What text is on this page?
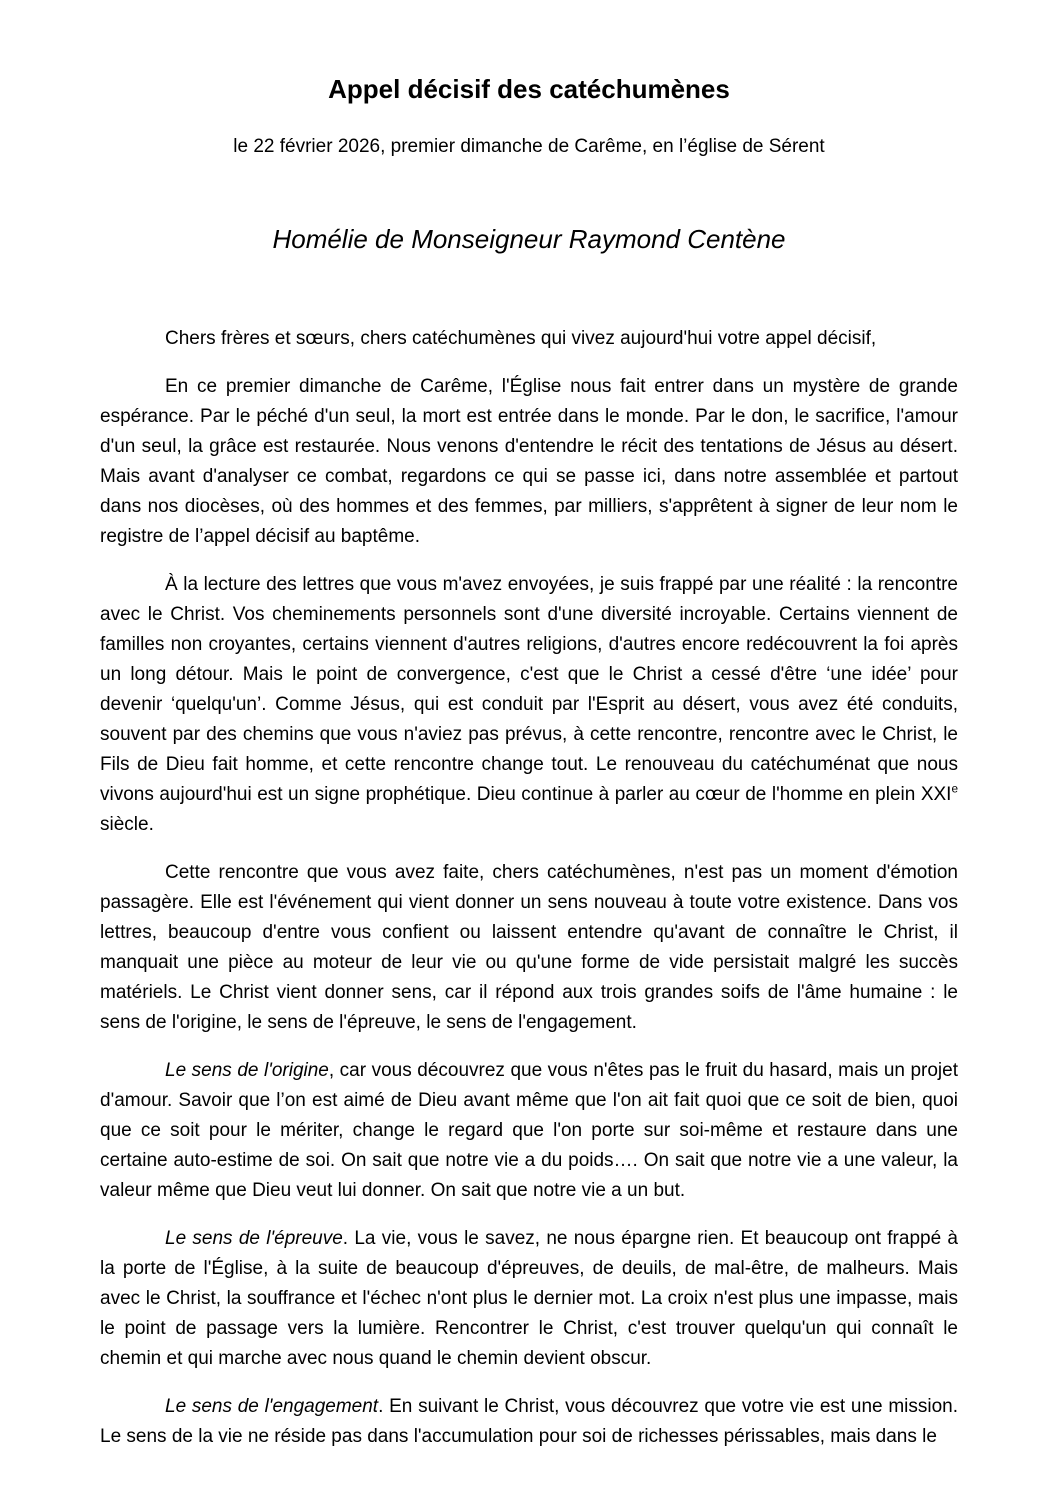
Appel décisif des catéchumènes

le 22 février 2026, premier dimanche de Carême, en l’église de Sérent

Homélie de Monseigneur Raymond Centène

Chers frères et sœurs, chers catéchumènes qui vivez aujourd'hui votre appel décisif,

En ce premier dimanche de Carême, l'Église nous fait entrer dans un mystère de grande espérance. Par le péché d'un seul, la mort est entrée dans le monde. Par le don, le sacrifice, l'amour d'un seul, la grâce est restaurée. Nous venons d'entendre le récit des tentations de Jésus au désert. Mais avant d'analyser ce combat, regardons ce qui se passe ici, dans notre assemblée et partout dans nos diocèses, où des hommes et des femmes, par milliers, s'apprêtent à signer de leur nom le registre de l’appel décisif au baptême.

À la lecture des lettres que vous m'avez envoyées, je suis frappé par une réalité : la rencontre avec le Christ. Vos cheminements personnels sont d'une diversité incroyable. Certains viennent de familles non croyantes, certains viennent d'autres religions, d'autres encore redécouvrent la foi après un long détour. Mais le point de convergence, c'est que le Christ a cessé d'être ‘une idée’ pour devenir ‘quelqu'un’. Comme Jésus, qui est conduit par l'Esprit au désert, vous avez été conduits, souvent par des chemins que vous n'aviez pas prévus, à cette rencontre, rencontre avec le Christ, le Fils de Dieu fait homme, et cette rencontre change tout. Le renouveau du catéchuménat que nous vivons aujourd'hui est un signe prophétique. Dieu continue à parler au cœur de l'homme en plein XXIe siècle.

Cette rencontre que vous avez faite, chers catéchumènes, n'est pas un moment d'émotion passagère. Elle est l'événement qui vient donner un sens nouveau à toute votre existence. Dans vos lettres, beaucoup d'entre vous confient ou laissent entendre qu'avant de connaître le Christ, il manquait une pièce au moteur de leur vie ou qu'une forme de vide persistait malgré les succès matériels. Le Christ vient donner sens, car il répond aux trois grandes soifs de l'âme humaine : le sens de l'origine, le sens de l'épreuve, le sens de l'engagement.

Le sens de l'origine, car vous découvrez que vous n'êtes pas le fruit du hasard, mais un projet d'amour. Savoir que l’on est aimé de Dieu avant même que l'on ait fait quoi que ce soit de bien, quoi que ce soit pour le mériter, change le regard que l'on porte sur soi-même et restaure dans une certaine auto-estime de soi. On sait que notre vie a du poids…. On sait que notre vie a une valeur, la valeur même que Dieu veut lui donner. On sait que notre vie a un but.

Le sens de l'épreuve. La vie, vous le savez, ne nous épargne rien. Et beaucoup ont frappé à la porte de l'Église, à la suite de beaucoup d'épreuves, de deuils, de mal-être, de malheurs. Mais avec le Christ, la souffrance et l'échec n'ont plus le dernier mot. La croix n'est plus une impasse, mais le point de passage vers la lumière. Rencontrer le Christ, c'est trouver quelqu'un qui connaît le chemin et qui marche avec nous quand le chemin devient obscur.

Le sens de l'engagement. En suivant le Christ, vous découvrez que votre vie est une mission. Le sens de la vie ne réside pas dans l'accumulation pour soi de richesses périssables, mais dans le
